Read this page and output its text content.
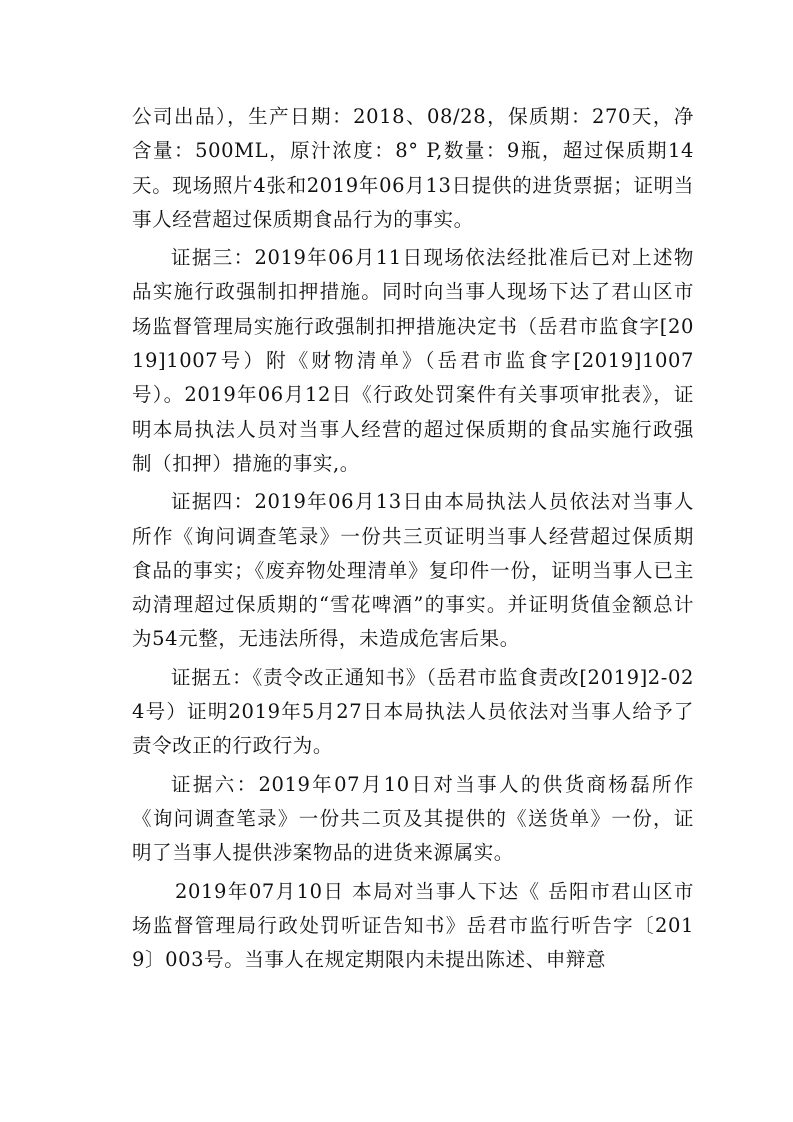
公司出品），生产日期：2018、08/28，保质期：270天，净含量：500ML，原汁浓度：8° P,数量：9瓶，超过保质期14天。现场照片4张和2019年06月13日提供的进货票据；证明当事人经营超过保质期食品行为的事实。

证据三：2019年06月11日现场依法经批准后已对上述物品实施行政强制扣押措施。同时向当事人现场下达了君山区市场监督管理局实施行政强制扣押措施决定书（岳君市监食字[2019]1007号）附《财物清单》（岳君市监食字[2019]1007号）。2019年06月12日《行政处罚案件有关事项审批表》，证明本局执法人员对当事人经营的超过保质期的食品实施行政强制（扣押）措施的事实,。

证据四：2019年06月13日由本局执法人员依法对当事人所作《询问调查笔录》一份共三页证明当事人经营超过保质期食品的事实；《废弃物处理清单》复印件一份，证明当事人已主动清理超过保质期的“雪花啤酒”的事实。并证明货值金额总计为54元整，无违法所得，未造成危害后果。

证据五：《责令改正通知书》（岳君市监食责改[2019]2-024号）证明2019年5月27日本局执法人员依法对当事人给予了责令改正的行政行为。

证据六：2019年07月10日对当事人的供货商杨磊所作《询问调查笔录》一份共二页及其提供的《送货单》一份，证明了当事人提供涉案物品的进货来源属实。

2019年07月10日 本局对当事人下达《 岳阳市君山区市场监督管理局行政处罚听证告知书》岳君市监行听告字〔2019〕003号。当事人在规定期限内未提出陈述、申辩意
